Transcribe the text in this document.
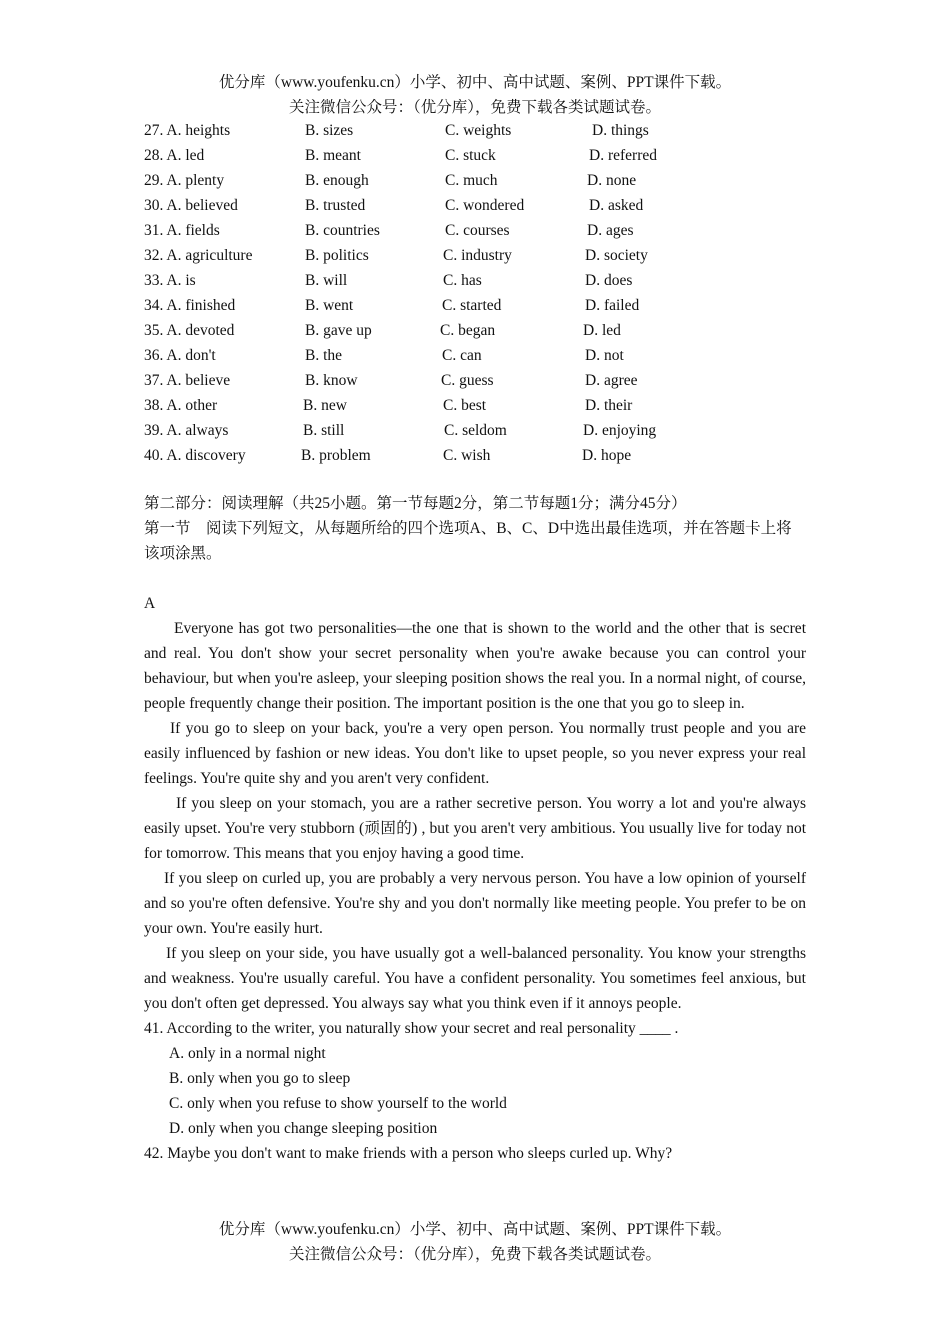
优分库（www.youfenku.cn）小学、初中、高中试题、案例、PPT课件下载。
关注微信公众号：（优分库），免费下载各类试题试卷。
27. A. heights	B. sizes	C. weights	D. things
28. A. led	B. meant	C. stuck	D. referred
29. A. plenty	B. enough	C. much	D. none
30. A. believed	B. trusted	C. wondered	D. asked
31. A. fields	B. countries	C. courses	D. ages
32. A. agriculture	B. politics	C. industry	D. society
33. A. is	B. will	C. has	D. does
34. A. finished	B. went	C. started	D. failed
35. A. devoted	B. gave up	C. began	D. led
36. A. don't	B. the	C. can	D. not
37. A. believe	B. know	C. guess	D. agree
38. A. other	B. new	C. best	D. their
39. A. always	B. still	C. seldom	D. enjoying
40. A. discovery	B. problem	C. wish	D. hope

第二部分：阅读理解（共25小题。第一节每题2分，第二节每题1分；满分45分）

第一节　阅读下列短文，从每题所给的四个选项A、B、C、D中选出最佳选项，并在答题卡上将该项涂黑。

A

Everyone has got two personalities—the one that is shown to the world and the other that is secret and real. You don't show your secret personality when you're awake because you can control your behaviour, but when you're asleep, your sleeping position shows the real you. In a normal night, of course, people frequently change their position. The important position is the one that you go to sleep in.

If you go to sleep on your back, you're a very open person. You normally trust people and you are easily influenced by fashion or new ideas. You don't like to upset people, so you never express your real feelings. You're quite shy and you aren't very confident.

If you sleep on your stomach, you are a rather secretive person. You worry a lot and you're always easily upset. You're very stubborn (顽固的) , but you aren't very ambitious. You usually live for today not for tomorrow. This means that you enjoy having a good time.

If you sleep on curled up, you are probably a very nervous person. You have a low opinion of yourself and so you're often defensive. You're shy and you don't normally like meeting people. You prefer to be on your own. You're easily hurt.

If you sleep on your side, you have usually got a well-balanced personality. You know your strengths and weakness. You're usually careful. You have a confident personality. You sometimes feel anxious, but you don't often get depressed. You always say what you think even if it annoys people.

41. According to the writer, you naturally show your secret and real personality ____ .

A. only in a normal night

B. only when you go to sleep

C. only when you refuse to show yourself to the world

D. only when you change sleeping position

42. Maybe you don't want to make friends with a person who sleeps curled up. Why?

优分库（www.youfenku.cn）小学、初中、高中试题、案例、PPT课件下载。
关注微信公众号：（优分库），免费下载各类试题试卷。
